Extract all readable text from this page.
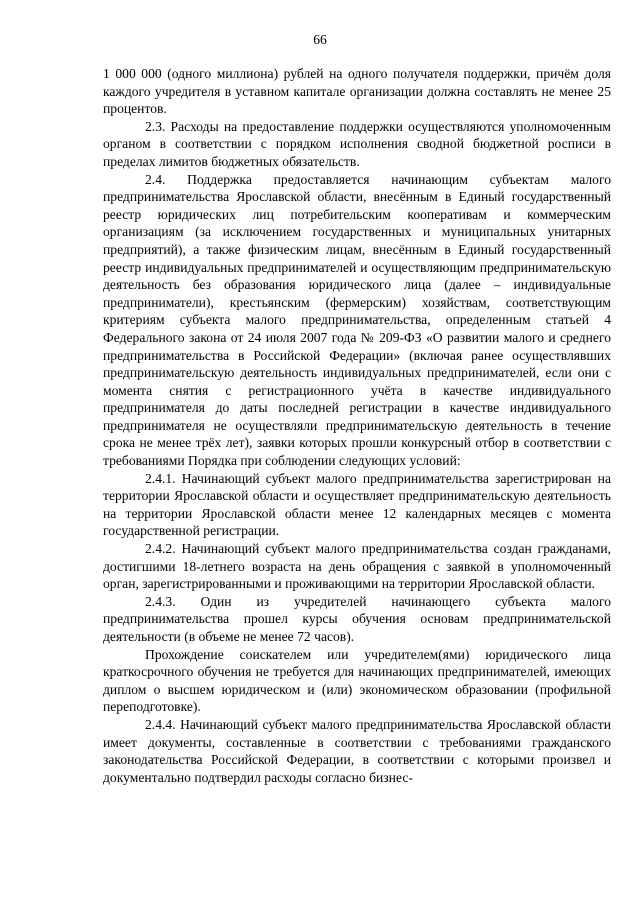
66

1 000 000 (одного миллиона) рублей на одного получателя поддержки, причём доля каждого учредителя в уставном капитале организации должна составлять не менее 25 процентов.

2.3. Расходы на предоставление поддержки осуществляются уполномоченным органом в соответствии с порядком исполнения сводной бюджетной росписи в пределах лимитов бюджетных обязательств.

2.4. Поддержка предоставляется начинающим субъектам малого предпринимательства Ярославской области, внесённым в Единый государственный реестр юридических лиц потребительским кооперативам и коммерческим организациям (за исключением государственных и муниципальных унитарных предприятий), а также физическим лицам, внесённым в Единый государственный реестр индивидуальных предпринимателей и осуществляющим предпринимательскую деятельность без образования юридического лица (далее – индивидуальные предприниматели), крестьянским (фермерским) хозяйствам, соответствующим критериям субъекта малого предпринимательства, определенным статьей 4 Федерального закона от 24 июля 2007 года № 209-ФЗ «О развитии малого и среднего предпринимательства в Российской Федерации» (включая ранее осуществлявших предпринимательскую деятельность индивидуальных предпринимателей, если они с момента снятия с регистрационного учёта в качестве индивидуального предпринимателя до даты последней регистрации в качестве индивидуального предпринимателя не осуществляли предпринимательскую деятельность в течение срока не менее трёх лет), заявки которых прошли конкурсный отбор в соответствии с требованиями Порядка при соблюдении следующих условий:

2.4.1. Начинающий субъект малого предпринимательства зарегистрирован на территории Ярославской области и осуществляет предпринимательскую деятельность на территории Ярославской области менее 12 календарных месяцев с момента государственной регистрации.

2.4.2. Начинающий субъект малого предпринимательства создан гражданами, достигшими 18-летнего возраста на день обращения с заявкой в уполномоченный орган, зарегистрированными и проживающими на территории Ярославской области.

2.4.3. Один из учредителей начинающего субъекта малого предпринимательства прошел курсы обучения основам предпринимательской деятельности (в объеме не менее 72 часов).

Прохождение соискателем или учредителем(ями) юридического лица краткосрочного обучения не требуется для начинающих предпринимателей, имеющих диплом о высшем юридическом и (или) экономическом образовании (профильной переподготовке).

2.4.4. Начинающий субъект малого предпринимательства Ярославской области имеет документы, составленные в соответствии с требованиями гражданского законодательства Российской Федерации, в соответствии с которыми произвел и документально подтвердил расходы согласно бизнес-
